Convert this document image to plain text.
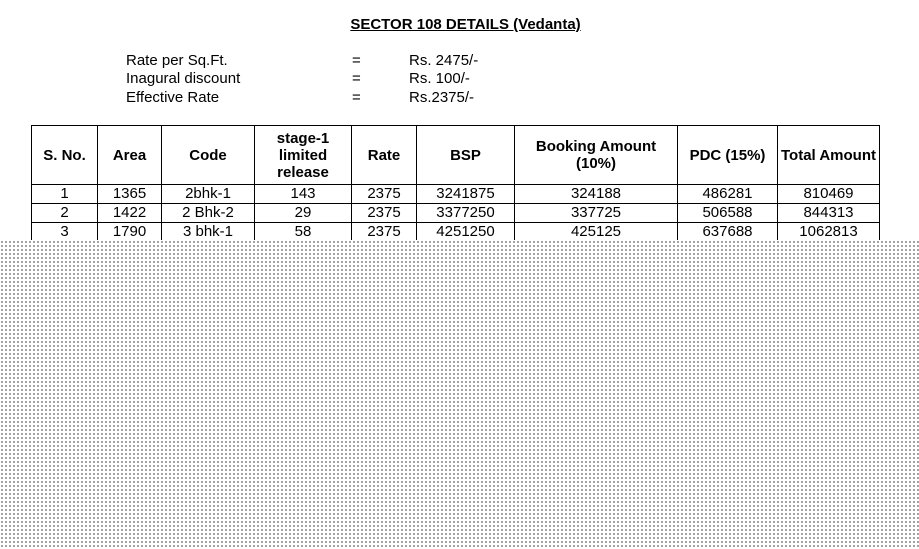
SECTOR 108 DETAILS (Vedanta)
Rate per Sq.Ft.	=	Rs. 2475/-
Inagural discount	=	Rs. 100/-
Effective Rate	=	Rs.2375/-
S. No.	Area	Code	stage-1 limited release	Rate	BSP	Booking Amount (10%)	PDC (15%)	Total Amount
1	1365	2bhk-1	143	2375	3241875	324188	486281	810469
2	1422	2 Bhk-2	29	2375	3377250	337725	506588	844313
3	1790	3 bhk-1	58	2375	4251250	425125	637688	1062813
